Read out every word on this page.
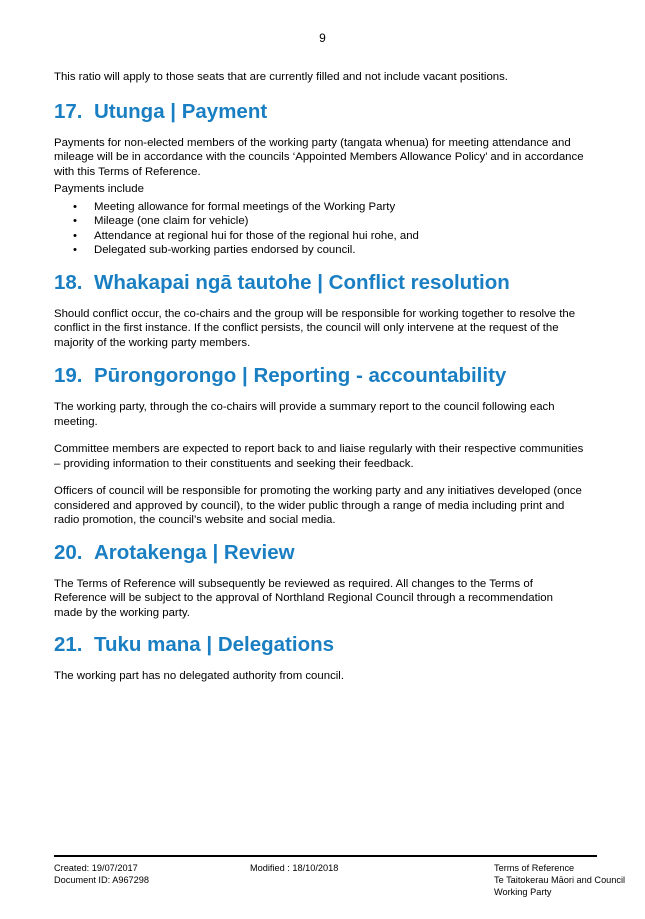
9

This ratio will apply to those seats that are currently filled and not include vacant positions.

17. Utunga | Payment

Payments for non-elected members of the working party (tangata whenua) for meeting attendance and mileage will be in accordance with the councils ‘Appointed Members Allowance Policy’ and in accordance with this Terms of Reference.

Payments include

• Meeting allowance for formal meetings of the Working Party
• Mileage (one claim for vehicle)
• Attendance at regional hui for those of the regional hui rohe, and
• Delegated sub-working parties endorsed by council.
18. Whakapai ngā tautohe | Conflict resolution

Should conflict occur, the co-chairs and the group will be responsible for working together to resolve the conflict in the first instance. If the conflict persists, the council will only intervene at the request of the majority of the working party members.

19. Pūrongorongo | Reporting - accountability

The working party, through the co-chairs will provide a summary report to the council following each meeting.

Committee members are expected to report back to and liaise regularly with their respective communities – providing information to their constituents and seeking their feedback.

Officers of council will be responsible for promoting the working party and any initiatives developed (once considered and approved by council), to the wider public through a range of media including print and radio promotion, the council’s website and social media.

20. Arotakenga | Review

The Terms of Reference will subsequently be reviewed as required. All changes to the Terms of Reference will be subject to the approval of Northland Regional Council through a recommendation made by the working party.

21. Tuku mana | Delegations

The working part has no delegated authority from council.

Created: 19/07/2017
Document ID: A967298
Modified : 18/10/2018	Terms of Reference
Te Taitokerau Māori and Council
Working Party
